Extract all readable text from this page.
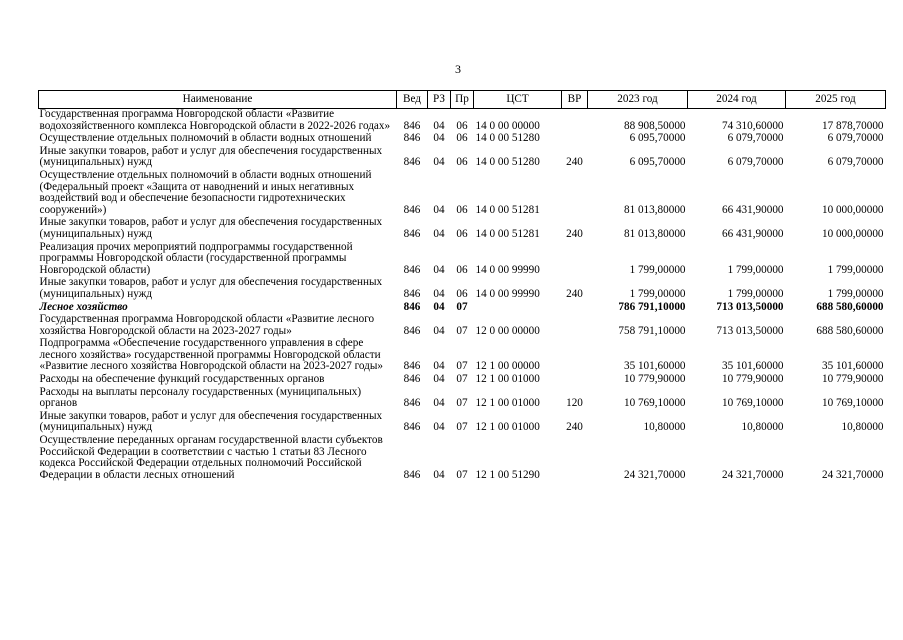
3
Наименование	Вед	РЗ	Пр	ЦСТ	ВР	2023 год	2024 год	2025 год
Государственная программа Новгородской области «Развитие водохозяйственного комплекса Новгородской области в 2022-2026 годах»	846	04	06	14 0 00 00000		88 908,50000	74 310,60000	17 878,70000
Осуществление отдельных полномочий в области водных отношений	846	04	06	14 0 00 51280		6 095,70000	6 079,70000	6 079,70000
Иные закупки товаров, работ и услуг для обеспечения государственных (муниципальных) нужд	846	04	06	14 0 00 51280	240	6 095,70000	6 079,70000	6 079,70000
Осуществление отдельных полномочий в области водных отношений (Федеральный проект «Защита от наводнений и иных негативных воздействий вод и обеспечение безопасности гидротехнических сооружений»)	846	04	06	14 0 00 51281		81 013,80000	66 431,90000	10 000,00000
Иные закупки товаров, работ и услуг для обеспечения государственных (муниципальных) нужд	846	04	06	14 0 00 51281	240	81 013,80000	66 431,90000	10 000,00000
Реализация прочих мероприятий подпрограммы государственной программы Новгородской области (государственной программы Новгородской области)	846	04	06	14 0 00 99990		1 799,00000	1 799,00000	1 799,00000
Иные закупки товаров, работ и услуг для обеспечения государственных (муниципальных) нужд	846	04	06	14 0 00 99990	240	1 799,00000	1 799,00000	1 799,00000
Лесное хозяйство	846	04	07			786 791,10000	713 013,50000	688 580,60000
Государственная программа Новгородской области «Развитие лесного хозяйства Новгородской области на 2023-2027 годы»	846	04	07	12 0 00 00000		758 791,10000	713 013,50000	688 580,60000
Подпрограмма «Обеспечение государственного управления в сфере лесного хозяйства» государственной программы Новгородской области «Развитие лесного хозяйства Новгородской области на 2023-2027 годы»	846	04	07	12 1 00 00000		35 101,60000	35 101,60000	35 101,60000
Расходы на обеспечение функций государственных органов	846	04	07	12 1 00 01000		10 779,90000	10 779,90000	10 779,90000
Расходы на выплаты персоналу государственных (муниципальных) органов	846	04	07	12 1 00 01000	120	10 769,10000	10 769,10000	10 769,10000
Иные закупки товаров, работ и услуг для обеспечения государственных (муниципальных) нужд	846	04	07	12 1 00 01000	240	10,80000	10,80000	10,80000
Осуществление переданных органам государственной власти субъектов Российской Федерации в соответствии с частью 1 статьи 83 Лесного кодекса Российской Федерации отдельных полномочий Российской Федерации в области лесных отношений	846	04	07	12 1 00 51290		24 321,70000	24 321,70000	24 321,70000
